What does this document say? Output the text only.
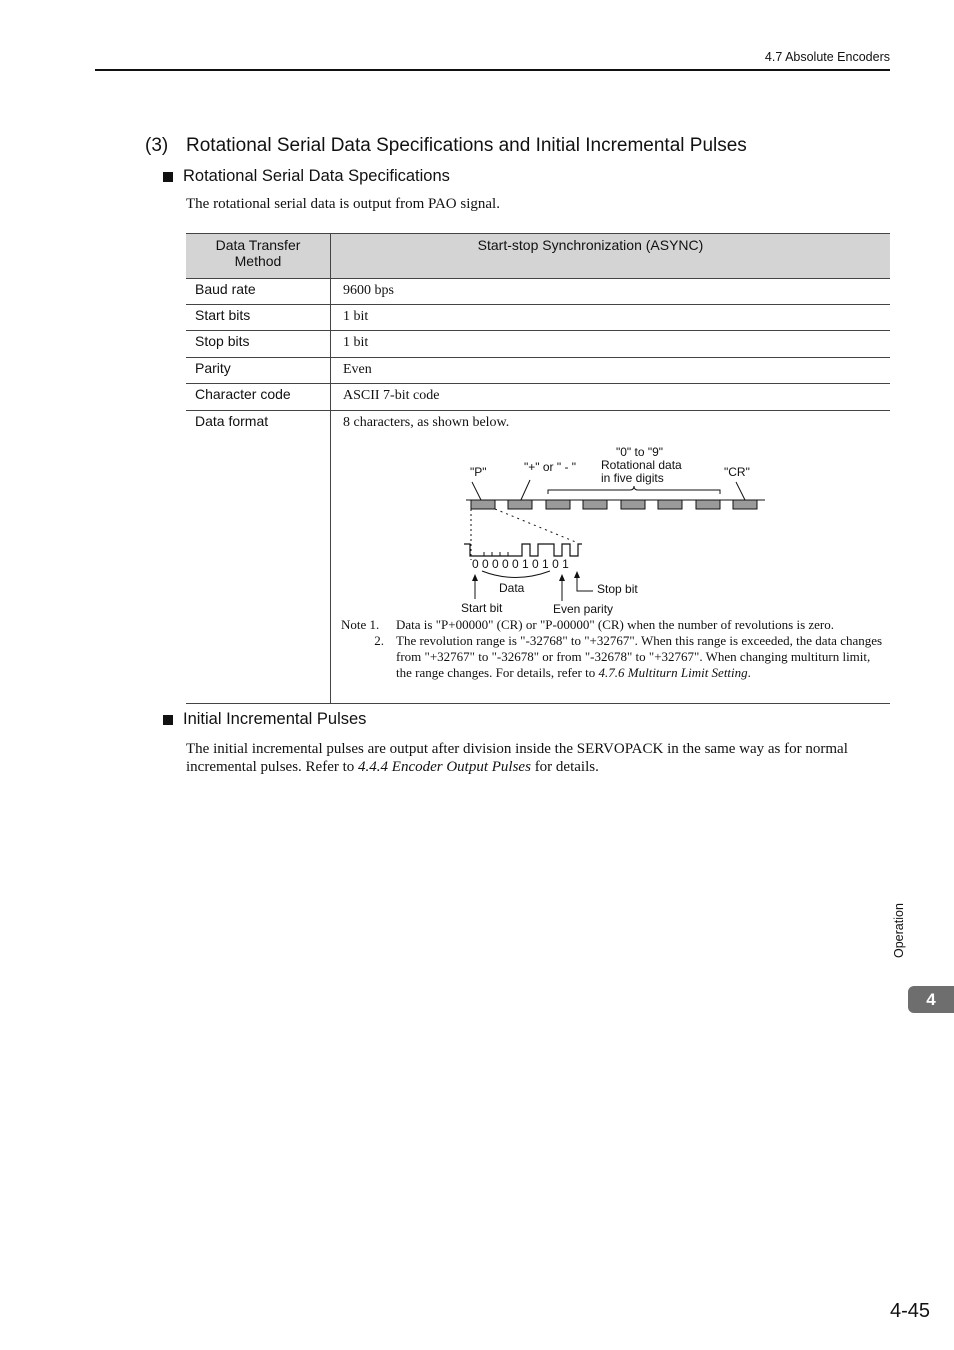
4.7 Absolute Encoders
(3) Rotational Serial Data Specifications and Initial Incremental Pulses
Rotational Serial Data Specifications
The rotational serial data is output from PAO signal.
Data Transfer
Method	Start-stop Synchronization (ASYNC)
Baud rate	9600 bps
Start bits	1 bit
Stop bits	1 bit
Parity	Even
Character code	ASCII 7-bit code
Data format	8 characters, as shown below.
"P"	"+" or " - "
"0" to "9"
Rotational data
in five digits	"CR"
0 0 0 0 0 1 0 1 0 1
Data	Stop bit
Even parity
Start bit
Note 1.	Data is "P+00000" (CR) or "P-00000" (CR) when the number of revolutions is zero.
2. The revolution range is "-32768" to "+32767". When this range is exceeded, the data changes from "+32767" to "-32678" or from "-32678" to "+32767". When changing multiturn limit, the range changes. For details, refer to 4.7.6 Multiturn Limit Setting.
Initial Incremental Pulses
The initial incremental pulses are output after division inside the SERVOPACK in the same way as for normal incremental pulses. Refer to 4.4.4 Encoder Output Pulses for details.
Operation
4
4-45
